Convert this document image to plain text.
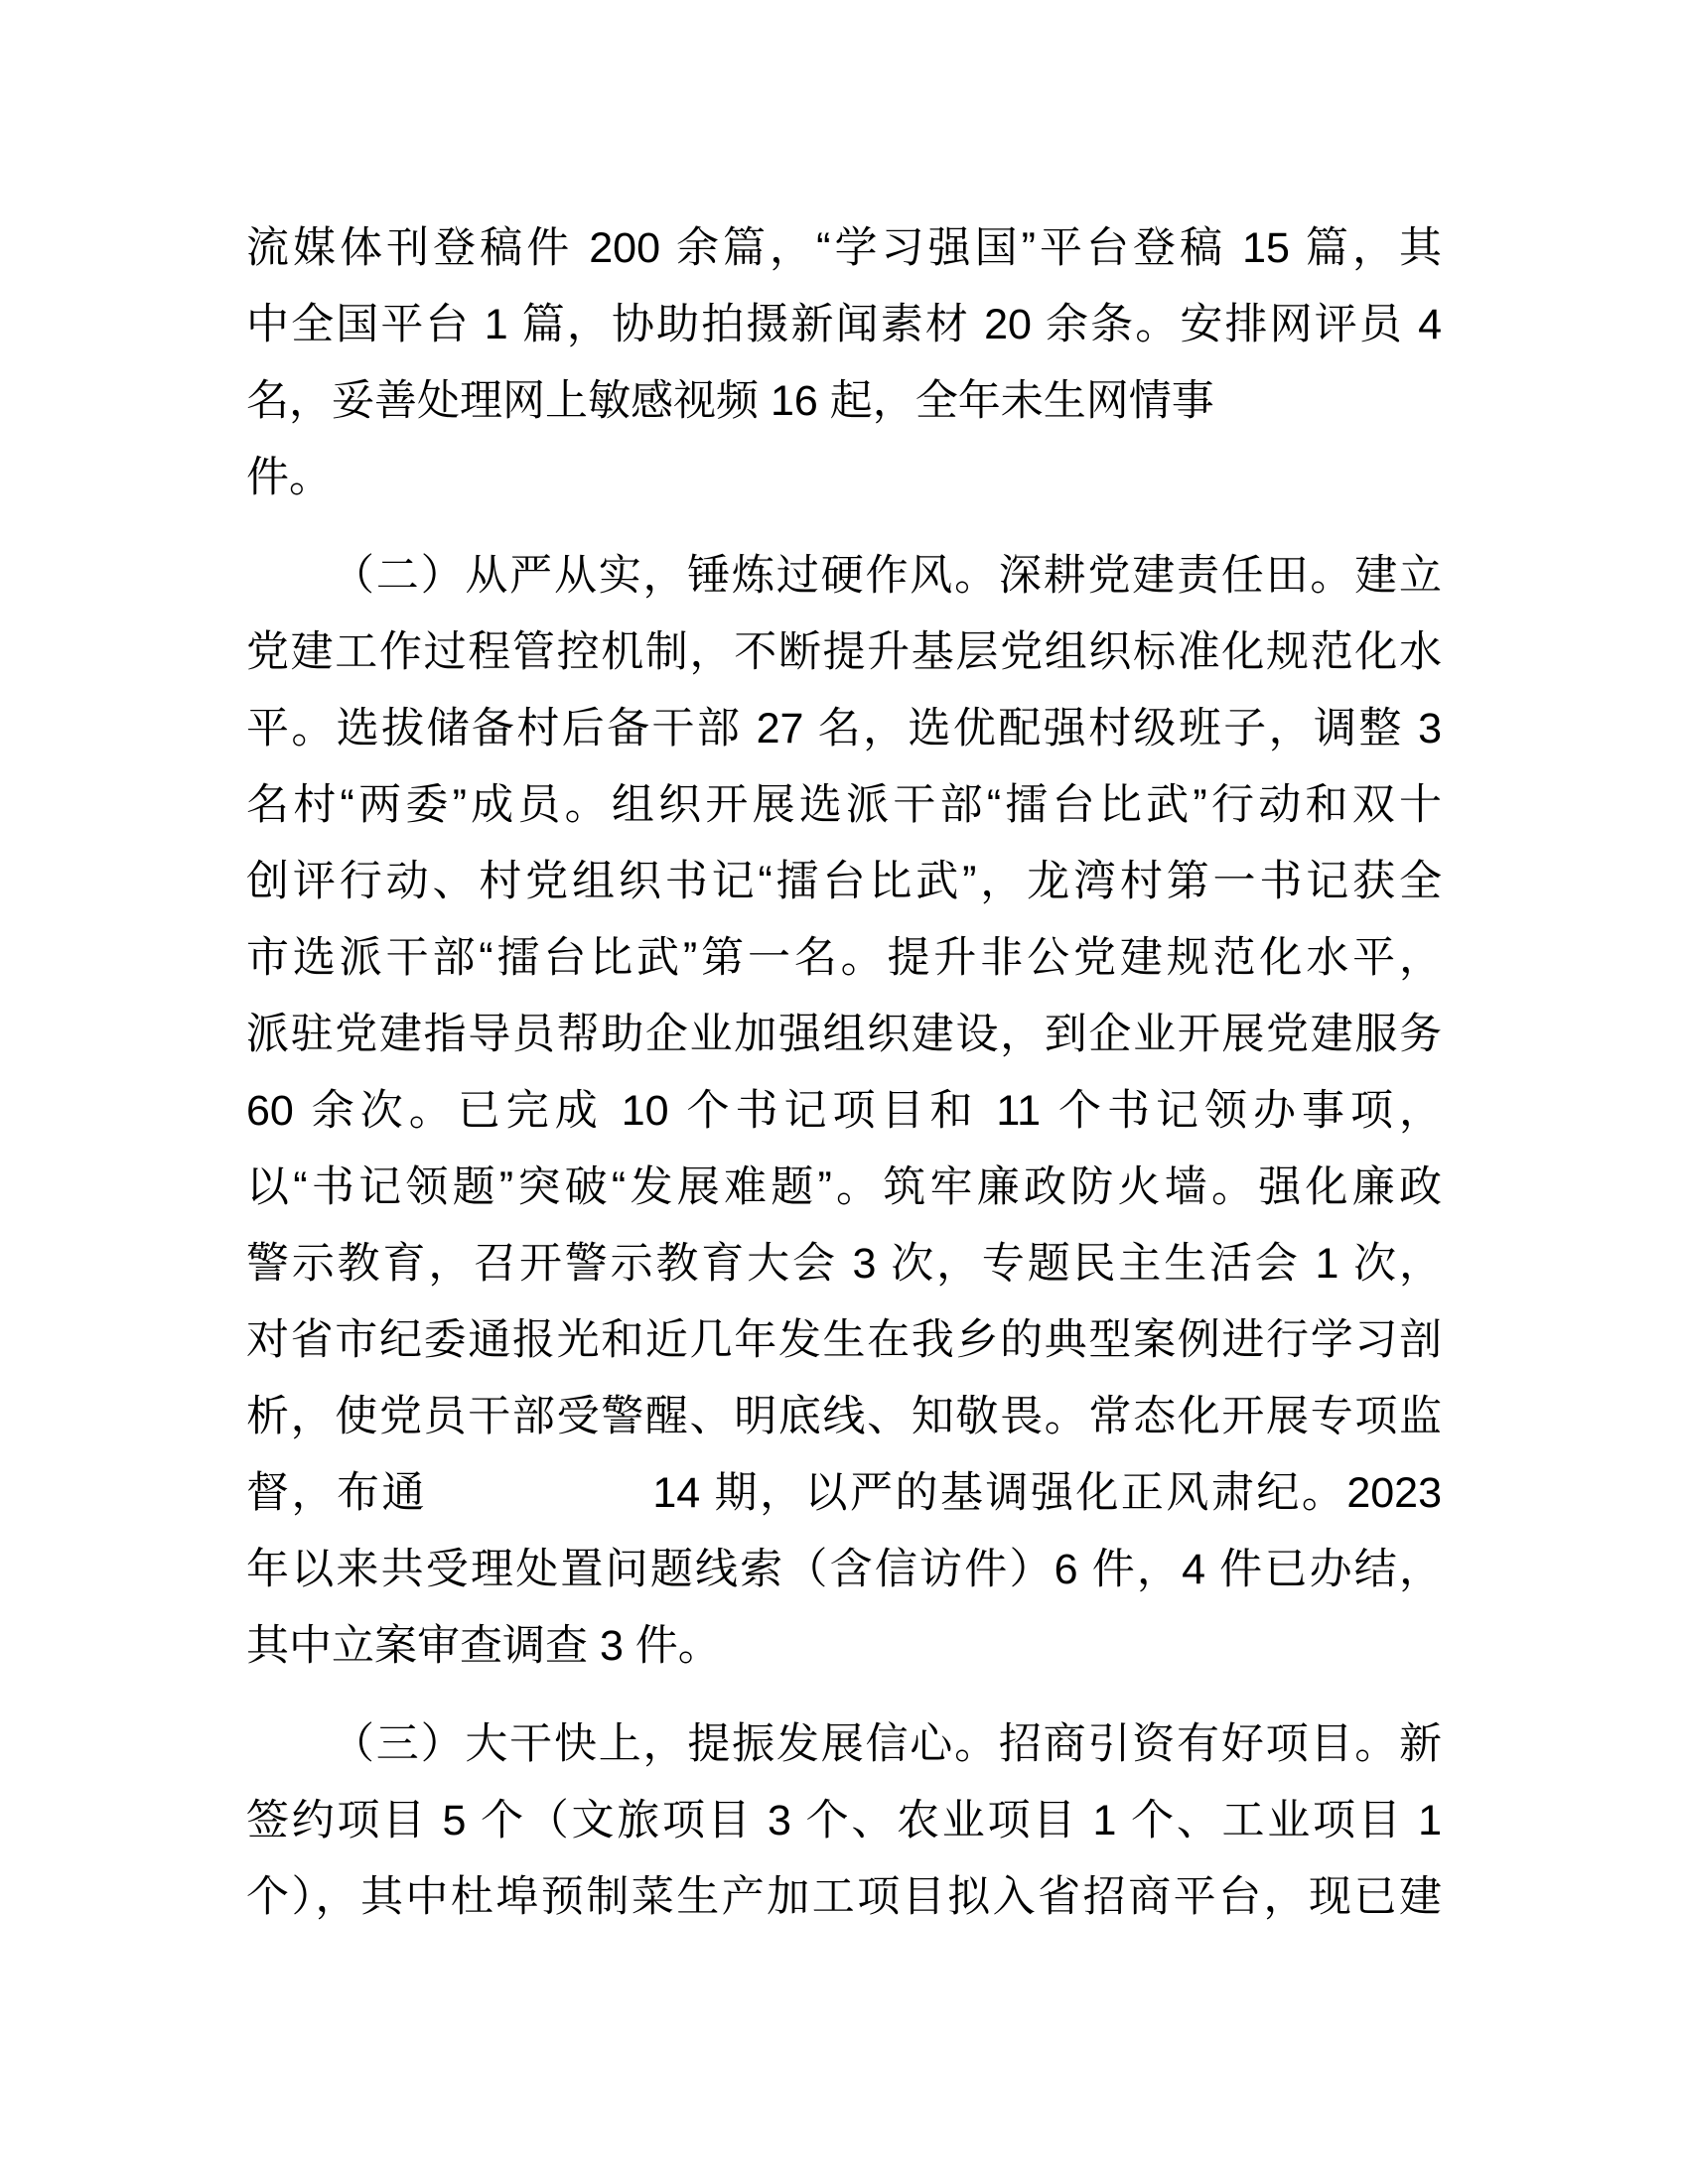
流媒体刊登稿件 200 余篇，“学习强国”平台登稿 15 篇，其
中全国平台 1 篇，协助拍摄新闻素材 20 余条。安排网评员 4
名，妥善处理网上敏感视频 16 起，全年未生网情事
件。
（二）从严从实，锤炼过硬作风。深耕党建责任田。建立
党建工作过程管控机制，不断提升基层党组织标准化规范化水
平。选拔储备村后备干部 27 名，选优配强村级班子，调整 3
名村“两委”成员。组织开展选派干部“擂台比武”行动和双十
创评行动、村党组织书记“擂台比武”，龙湾村第一书记获全
市选派干部“擂台比武”第一名。提升非公党建规范化水平，
派驻党建指导员帮助企业加强组织建设，到企业开展党建服务
60 余次。已完成 10 个书记项目和 11 个书记领办事项，
以“书记领题”突破“发展难题”。筑牢廉政防火墙。强化廉政
警示教育，召开警示教育大会 3 次，专题民主生活会 1 次，
对省市纪委通报光和近几年发生在我乡的典型案例进行学习剖
析，使党员干部受警醒、明底线、知敬畏。常态化开展专项监
督，布通　　　　　14 期，以严的基调强化正风肃纪。2023
年以来共受理处置问题线索（含信访件）6 件，4 件已办结，
其中立案审查调查 3 件。
（三）大干快上，提振发展信心。招商引资有好项目。新
签约项目 5 个（文旅项目 3 个、农业项目 1 个、工业项目 1
个），其中杜埠预制菜生产加工项目拟入省招商平台，现已建
